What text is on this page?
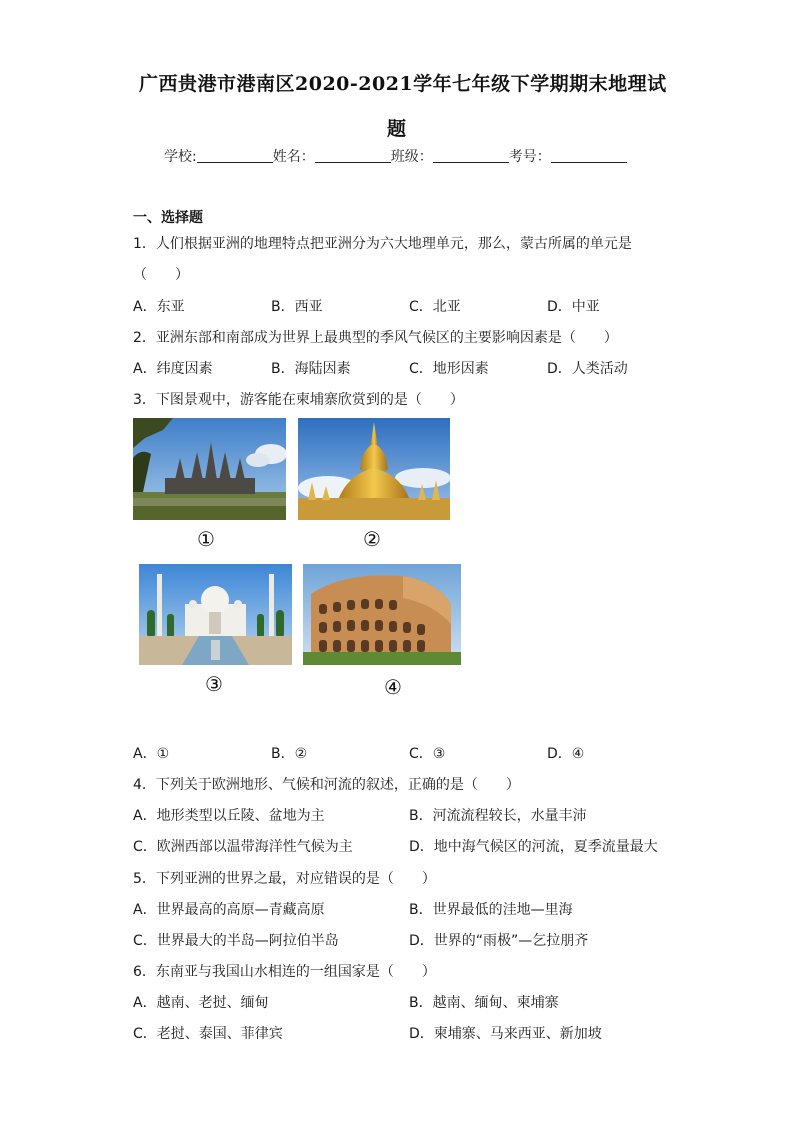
广西贵港市港南区2020-2021学年七年级下学期期末地理试
题
学校:	姓名：	班级：	考号：
一、选择题
1．人们根据亚洲的地理特点把亚洲分为六大地理单元，那么，蒙古所属的单元是
（　　）
A．东亚	B．西亚	C．北亚	D．中亚
2．亚洲东部和南部成为世界上最典型的季风气候区的主要影响因素是（　　）
A．纬度因素	B．海陆因素	C．地形因素	D．人类活动
3．下图景观中，游客能在柬埔寨欣赏到的是（　　）
①	②
③	④
A．①	B．②	C．③	D．④
4．下列关于欧洲地形、气候和河流的叙述，正确的是（　　）
A．地形类型以丘陵、盆地为主	B．河流流程较长，水量丰沛
C．欧洲西部以温带海洋性气候为主	D．地中海气候区的河流，夏季流量最大
5．下列亚洲的世界之最，对应错误的是（　　）
A．世界最高的高原—青藏高原	B．世界最低的洼地—里海
C．世界最大的半岛—阿拉伯半岛	D．世界的“雨极”—乞拉朋齐
6．东南亚与我国山水相连的一组国家是（　　）
A．越南、老挝、缅甸	B．越南、缅甸、柬埔寨
C．老挝、泰国、菲律宾	D．柬埔寨、马来西亚、新加坡
